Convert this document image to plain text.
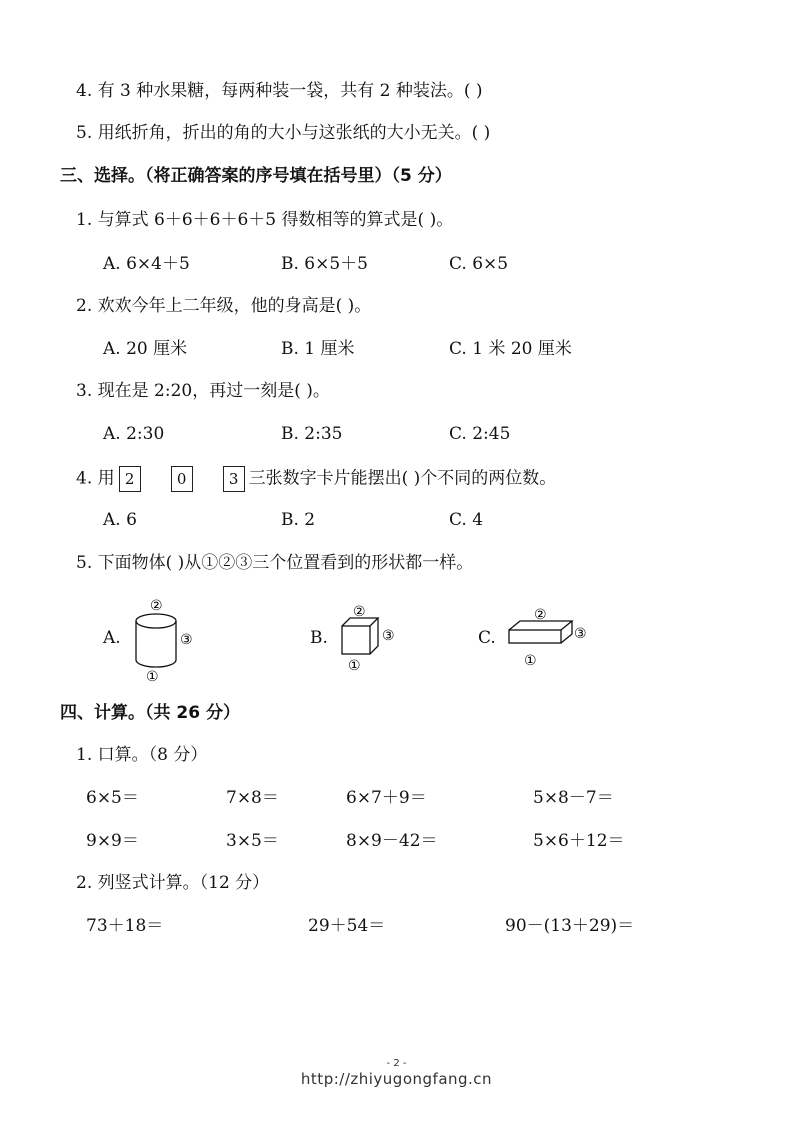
4. 有 3 种水果糖，每两种装一袋，共有 2 种装法。( )
5. 用纸折角，折出的角的大小与这张纸的大小无关。( )
三、选择。（将正确答案的序号填在括号里）（5 分）
1. 与算式 6＋6＋6＋6＋5 得数相等的算式是( )。
A. 6×4＋5	B. 6×5＋5	C. 6×5
2. 欢欢今年上二年级，他的身高是( )。
A. 20 厘米	B. 1 厘米	C. 1 米 20 厘米
3. 现在是 2:20，再过一刻是( )。
A. 2:30	B. 2:35	C. 2:45
4. 用 2	0	3 三张数字卡片能摆出( )个不同的两位数。
A. 6	B. 2	C. 4
5. 下面物体( )从①②③三个位置看到的形状都一样。
A.	B.	C.
②
③
①
②
③
①
②
③
①
四、计算。（共 26 分）
1. 口算。（8 分）
6×5＝	7×8＝	6×7＋9＝	5×8－7＝
9×9＝	3×5＝	8×9－42＝	5×6＋12＝
2. 列竖式计算。（12 分）
73＋18＝	29＋54＝	90－(13＋29)＝
- 2 -
http://zhiyugongfang.cn
